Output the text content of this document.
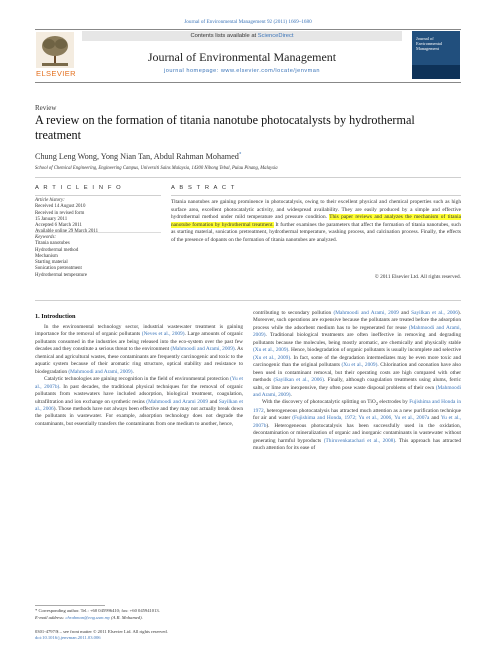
Journal of Environmental Management 92 (2011) 1669–1680
ELSEVIER
Contents lists available at ScienceDirect
Journal of Environmental Management
journal homepage: www.elsevier.com/locate/jenvman
Journal of Environmental Management
Review
A review on the formation of titania nanotube photocatalysts by hydrothermal treatment
Chung Leng Wong, Yong Nian Tan, Abdul Rahman Mohamed*
School of Chemical Engineering, Engineering Campus, Universiti Sains Malaysia, 14300 Nibong Tebal, Pulau Pinang, Malaysia
A R T I C L E I N F O
Article history:
Received 14 August 2010
Received in revised form
15 January 2011
Accepted 6 March 2011
Available online 29 March 2011
Keywords:
Titania nanotubes
Hydrothermal method
Mechanism
Starting material
Sonication pretreatment
Hydrothermal temperature
A B S T R A C T
Titania nanotubes are gaining prominence in photocatalysis, owing to their excellent physical and chemical properties such as high surface area, excellent photocatalytic activity, and widespread availability. They are easily produced by a simple and effective hydrothermal method under mild temperature and pressure condition. This paper reviews and analyzes the mechanism of titania nanotube formation by hydrothermal treatment. It further examines the parameters that affect the formation of titania nanotubes, such as starting material, sonication pretreatment, hydrothermal temperature, washing process, and calcination process. Finally, the effects of the presence of dopants on the formation of titania nanotubes are analyzed.
© 2011 Elsevier Ltd. All rights reserved.
1. Introduction

In the environmental technology sector, industrial wastewater treatment is gaining importance for the removal of organic pollutants (Neves et al., 2009). Large amounts of organic pollutants consumed in the industries are being released into the eco-system over the past few decades and they constitute a serious threat to the environment (Mahmoodi and Arami, 2009). As chemical and agricultural wastes, these contaminants are frequently carcinogenic and toxic to the aquatic system because of their aromatic ring structure, optical stability and resistance to biodegradation (Mahmoodi and Arami, 2009).

Catalytic technologies are gaining recognition in the field of environmental protection (Yu et al., 2007b). In past decades, the traditional physical techniques for the removal of organic pollutants from wastewaters have included adsorption, biological treatment, coagulation, ultrafiltration and ion exchange on synthetic resins (Mahmoodi and Arami 2009 and Sayilkan et al., 2006). Those methods have not always been effective and they may not actually break down the pollutants in wastewater. For example, adsorption technology does not degrade the contaminants, but essentially transfers the contaminants from one medium to another, hence,

contributing to secondary pollution (Mahmoodi and Arami, 2009 and Sayilkan et al., 2006). Moreover, such operations are expensive because the pollutants are treated before the adsorption process while the adsorbent medium has to be regenerated for reuse (Mahmoodi and Arami, 2009). Traditional biological treatments are often ineffective in removing and degrading pollutants because the molecules, being mostly aromatic, are chemically and physically stable (Xu et al., 2009). Hence, biodegradation of organic pollutants is usually incomplete and selective (Xu et al., 2009). In fact, some of the degradation intermediates may be even more toxic and carcinogenic than the original pollutants (Xu et al., 2009). Chlorination and ozonation have also been used in contaminant removal, but their operating costs are high compared with other methods (Sayilkan et al., 2006). Finally, although coagulation treatments using alums, ferric salts, or lime are inexpensive, they often pose waste disposal problems of their own (Mahmoodi and Arami, 2009).

With the discovery of photocatalytic splitting on TiO$_2$ electrodes by Fujishima and Honda in 1972, heterogeneous photocatalysis has attracted much attention as a new purification technique for air and water (Fujishima and Honda, 1972; Yu et al., 2006, Yu et al., 2007a and Yu et al., 2007b). Heterogeneous photocatalysis has been successfully used in the oxidation, decontamination or mineralization of organic and inorganic contaminants in wastewater without generating harmful byproducts (Thiruvenkatachari et al., 2008). This approach has attracted much attention for its ease of

* Corresponding author. Tel.: +60 045996410; fax: +60 045941013.
E-mail address: chrahman@eng.usm.my (A.R. Mohamed).
0301-4797/$ – see front matter © 2011 Elsevier Ltd. All rights reserved.
doi:10.1016/j.jenvman.2011.03.006
